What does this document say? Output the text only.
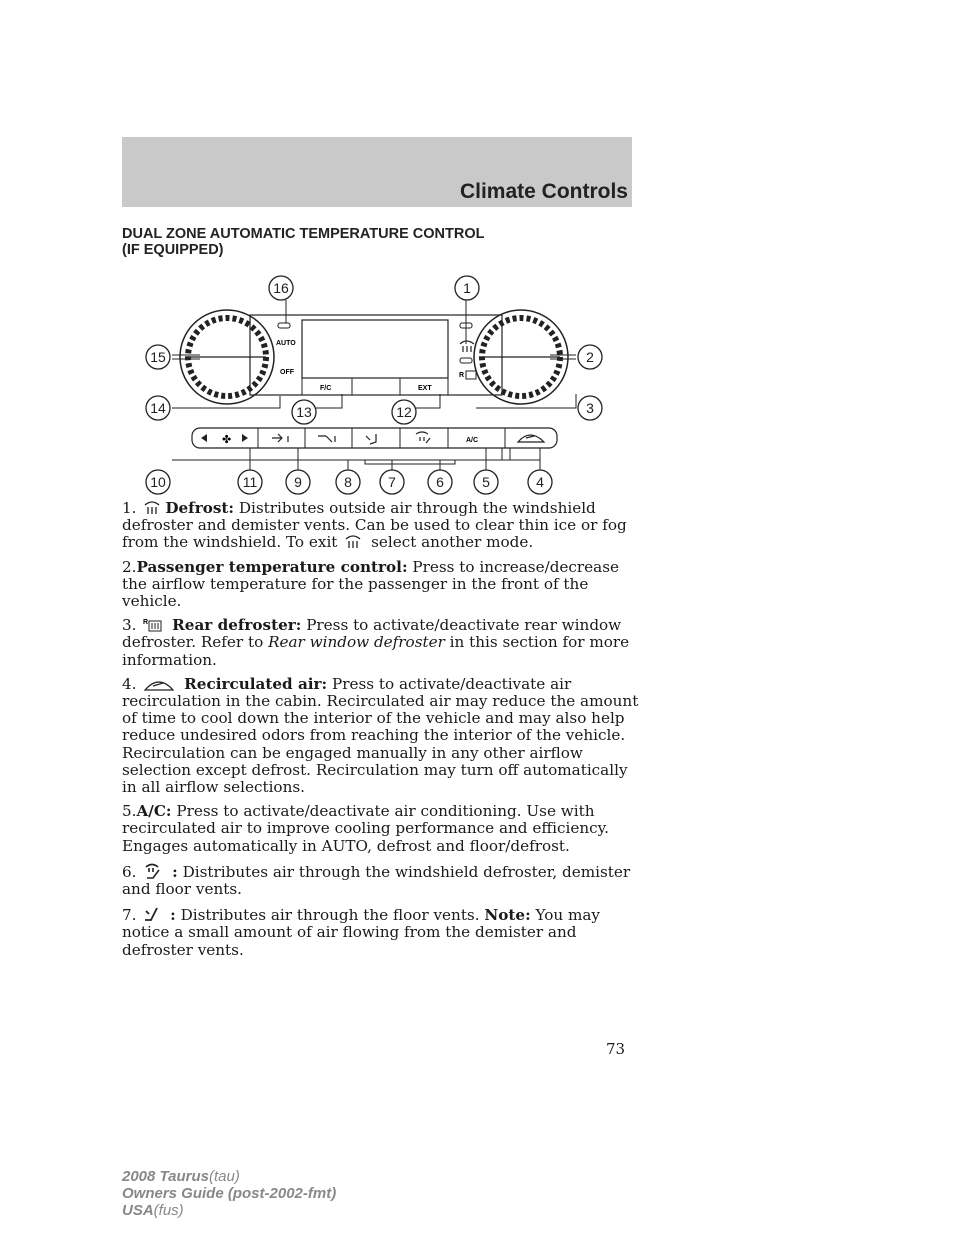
Climate Controls
DUAL ZONE AUTOMATIC TEMPERATURE CONTROL
(IF EQUIPPED)
AUTO
OFF
F/C	EXT
R
✤	A/C
16	1
15	2
14	13	12	3
10	11	9	8	7	6	5	4

1. Defrost: Distributes outside air through the windshield defroster and demister vents. Can be used to clear thin ice or fog from the windshield. To exit select another mode.

2.Passenger temperature control: Press to increase/decrease the airflow temperature for the passenger in the front of the vehicle.

3. R Rear defroster: Press to activate/deactivate rear window defroster. Refer to Rear window defroster in this section for more information.

4.	Recirculated air: Press to activate/deactivate air recirculation in the cabin. Recirculated air may reduce the amount of time to cool down the interior of the vehicle and may also help reduce undesired odors from reaching the interior of the vehicle. Recirculation can be engaged manually in any other airflow selection except defrost. Recirculation may turn off automatically in all airflow selections.

5.A/C: Press to activate/deactivate air conditioning. Use with recirculated air to improve cooling performance and efficiency. Engages automatically in AUTO, defrost and floor/defrost.

6. : Distributes air through the windshield defroster, demister and floor vents.

7. : Distributes air through the floor vents. Note: You may notice a small amount of air flowing from the demister and defroster vents.

73
2008 Taurus(tau)
Owners Guide (post-2002-fmt)
USA(fus)
